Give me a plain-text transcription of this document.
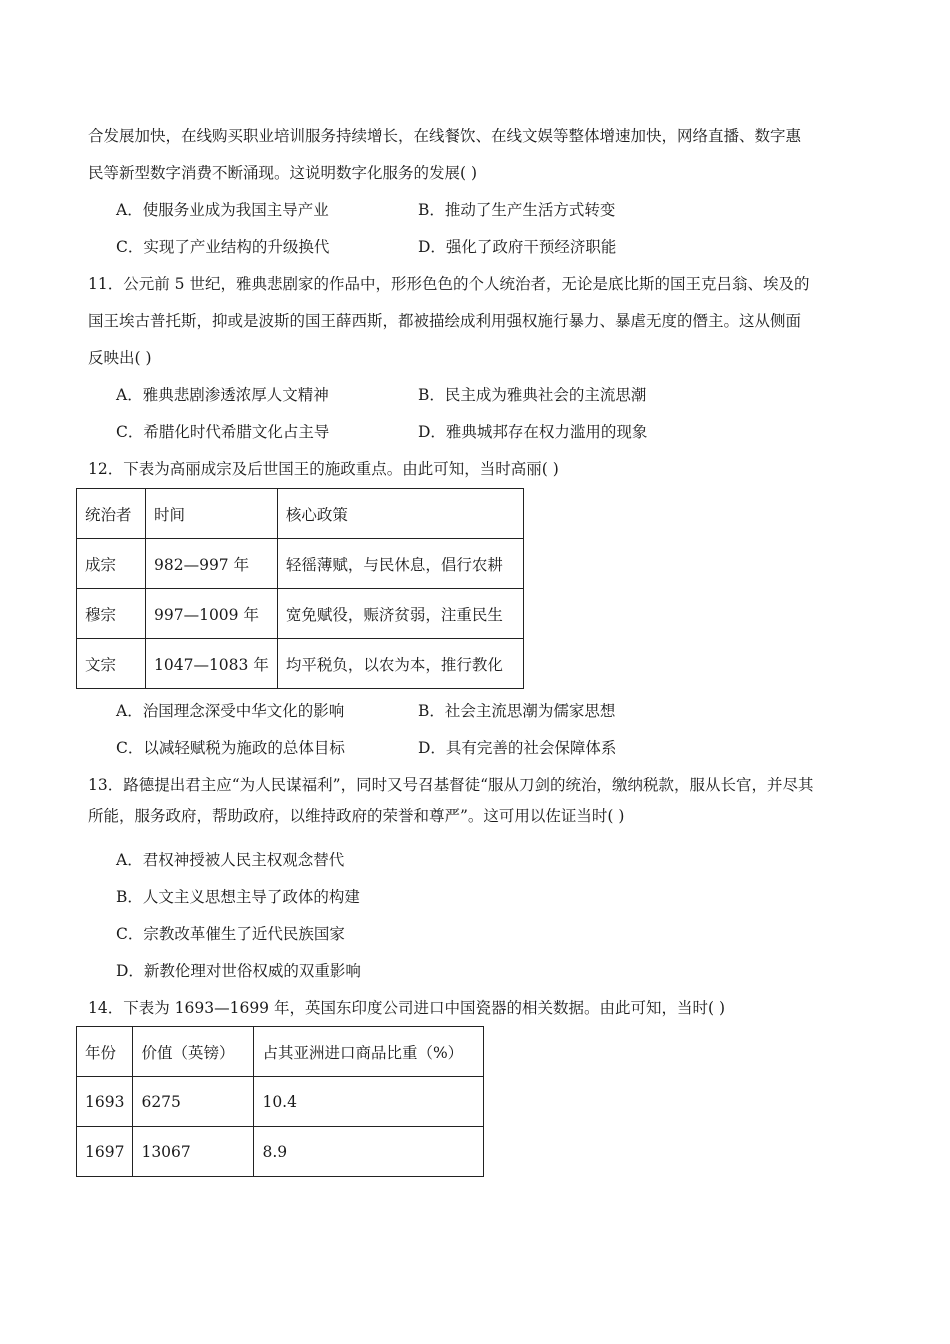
合发展加快，在线购买职业培训服务持续增长，在线餐饮、在线文娱等整体增速加快，网络直播、数字惠
民等新型数字消费不断涌现。这说明数字化服务的发展( )
A．使服务业成为我国主导产业	B．推动了生产生活方式转变
C．实现了产业结构的升级换代	D．强化了政府干预经济职能
11．公元前 5 世纪，雅典悲剧家的作品中，形形色色的个人统治者，无论是底比斯的国王克吕翁、埃及的
国王埃古普托斯，抑或是波斯的国王薛西斯，都被描绘成利用强权施行暴力、暴虐无度的僭主。这从侧面
反映出( )
A．雅典悲剧渗透浓厚人文精神	B．民主成为雅典社会的主流思潮
C．希腊化时代希腊文化占主导	D．雅典城邦存在权力滥用的现象
12．下表为高丽成宗及后世国王的施政重点。由此可知，当时高丽( )
统治者	时间	核心政策
成宗	982—997 年	轻徭薄赋，与民休息，倡行农耕
穆宗	997—1009 年	宽免赋役，赈济贫弱，注重民生
文宗	1047—1083 年	均平税负，以农为本，推行教化
A．治国理念深受中华文化的影响	B．社会主流思潮为儒家思想
C．以减轻赋税为施政的总体目标	D．具有完善的社会保障体系
13．路德提出君主应“为人民谋福利”，同时又号召基督徒“服从刀剑的统治，缴纳税款，服从长官，并尽其
所能，服务政府，帮助政府，以维持政府的荣誉和尊严”。这可用以佐证当时( )
A．君权神授被人民主权观念替代
B．人文主义思想主导了政体的构建
C．宗教改革催生了近代民族国家
D．新教伦理对世俗权威的双重影响
14．下表为 1693—1699 年，英国东印度公司进口中国瓷器的相关数据。由此可知，当时( )
年份	价值（英镑）	占其亚洲进口商品比重（%）
1693	6275	10.4
1697	13067	8.9
